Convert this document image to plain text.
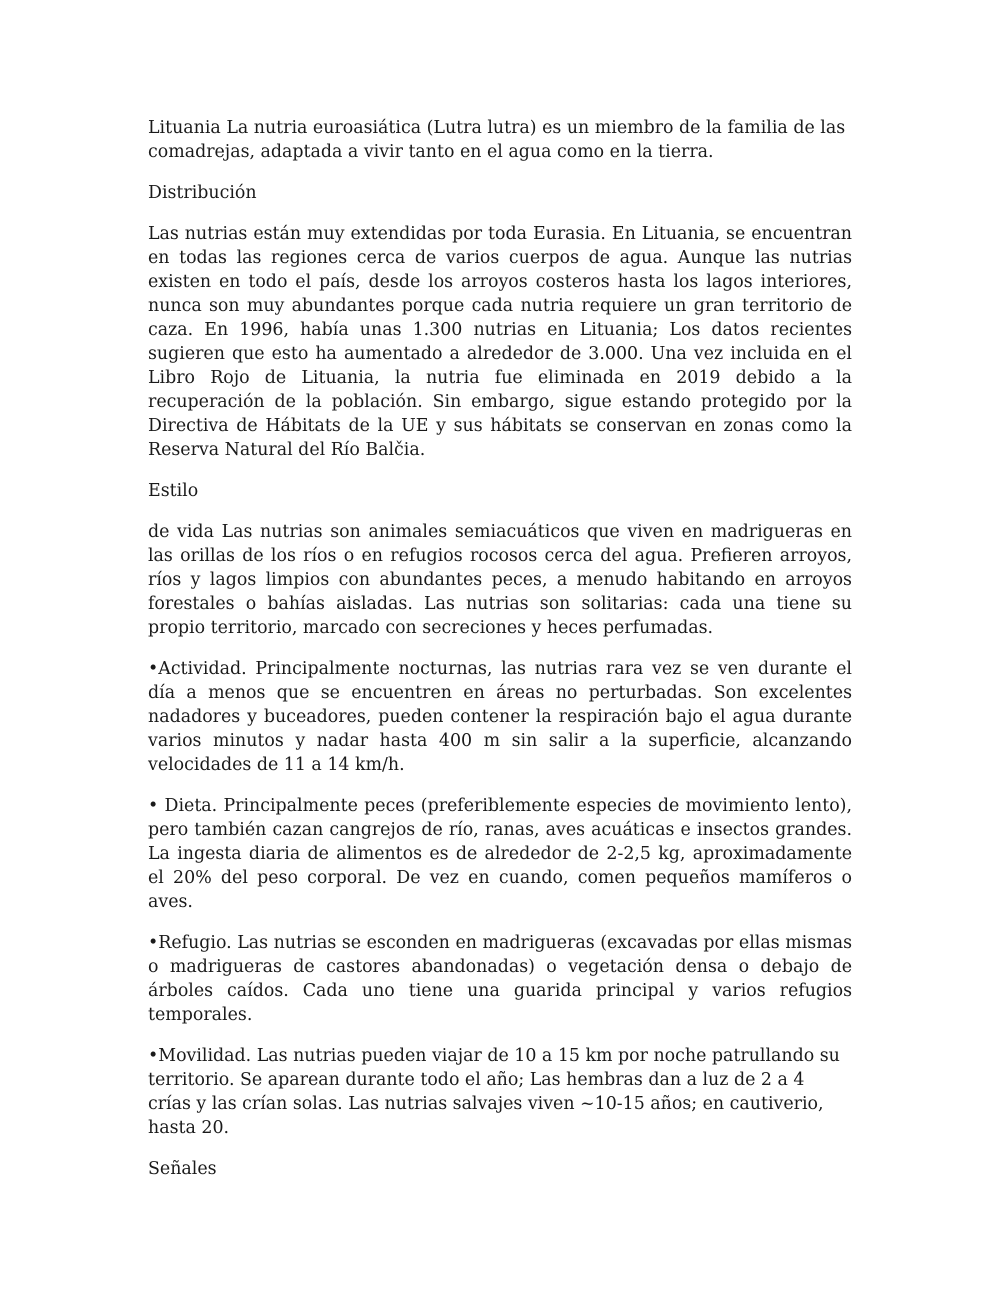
Lituania La nutria euroasiática (Lutra lutra) es un miembro de la familia de las comadrejas, adaptada a vivir tanto en el agua como en la tierra.

Distribución

Las nutrias están muy extendidas por toda Eurasia. En Lituania, se encuentran en todas las regiones cerca de varios cuerpos de agua. Aunque las nutrias existen en todo el país, desde los arroyos costeros hasta los lagos interiores, nunca son muy abundantes porque cada nutria requiere un gran territorio de caza. En 1996, había unas 1.300 nutrias en Lituania; Los datos recientes sugieren que esto ha aumentado a alrededor de 3.000. Una vez incluida en el Libro Rojo de Lituania, la nutria fue eliminada en 2019 debido a la recuperación de la población. Sin embargo, sigue estando protegido por la Directiva de Hábitats de la UE y sus hábitats se conservan en zonas como la Reserva Natural del Río Balčia.

Estilo

de vida Las nutrias son animales semiacuáticos que viven en madrigueras en las orillas de los ríos o en refugios rocosos cerca del agua. Prefieren arroyos, ríos y lagos limpios con abundantes peces, a menudo habitando en arroyos forestales o bahías aisladas. Las nutrias son solitarias: cada una tiene su propio territorio, marcado con secreciones y heces perfumadas.

•Actividad. Principalmente nocturnas, las nutrias rara vez se ven durante el día a menos que se encuentren en áreas no perturbadas. Son excelentes nadadores y buceadores, pueden contener la respiración bajo el agua durante varios minutos y nadar hasta 400 m sin salir a la superficie, alcanzando velocidades de 11 a 14 km/h.

• Dieta. Principalmente peces (preferiblemente especies de movimiento lento), pero también cazan cangrejos de río, ranas, aves acuáticas e insectos grandes. La ingesta diaria de alimentos es de alrededor de 2-2,5 kg, aproximadamente el 20% del peso corporal. De vez en cuando, comen pequeños mamíferos o aves.

•Refugio. Las nutrias se esconden en madrigueras (excavadas por ellas mismas o madrigueras de castores abandonadas) o vegetación densa o debajo de árboles caídos. Cada uno tiene una guarida principal y varios refugios temporales.

•Movilidad. Las nutrias pueden viajar de 10 a 15 km por noche patrullando su territorio. Se aparean durante todo el año; Las hembras dan a luz de 2 a 4 crías y las crían solas. Las nutrias salvajes viven ~10-15 años; en cautiverio, hasta 20.

Señales
